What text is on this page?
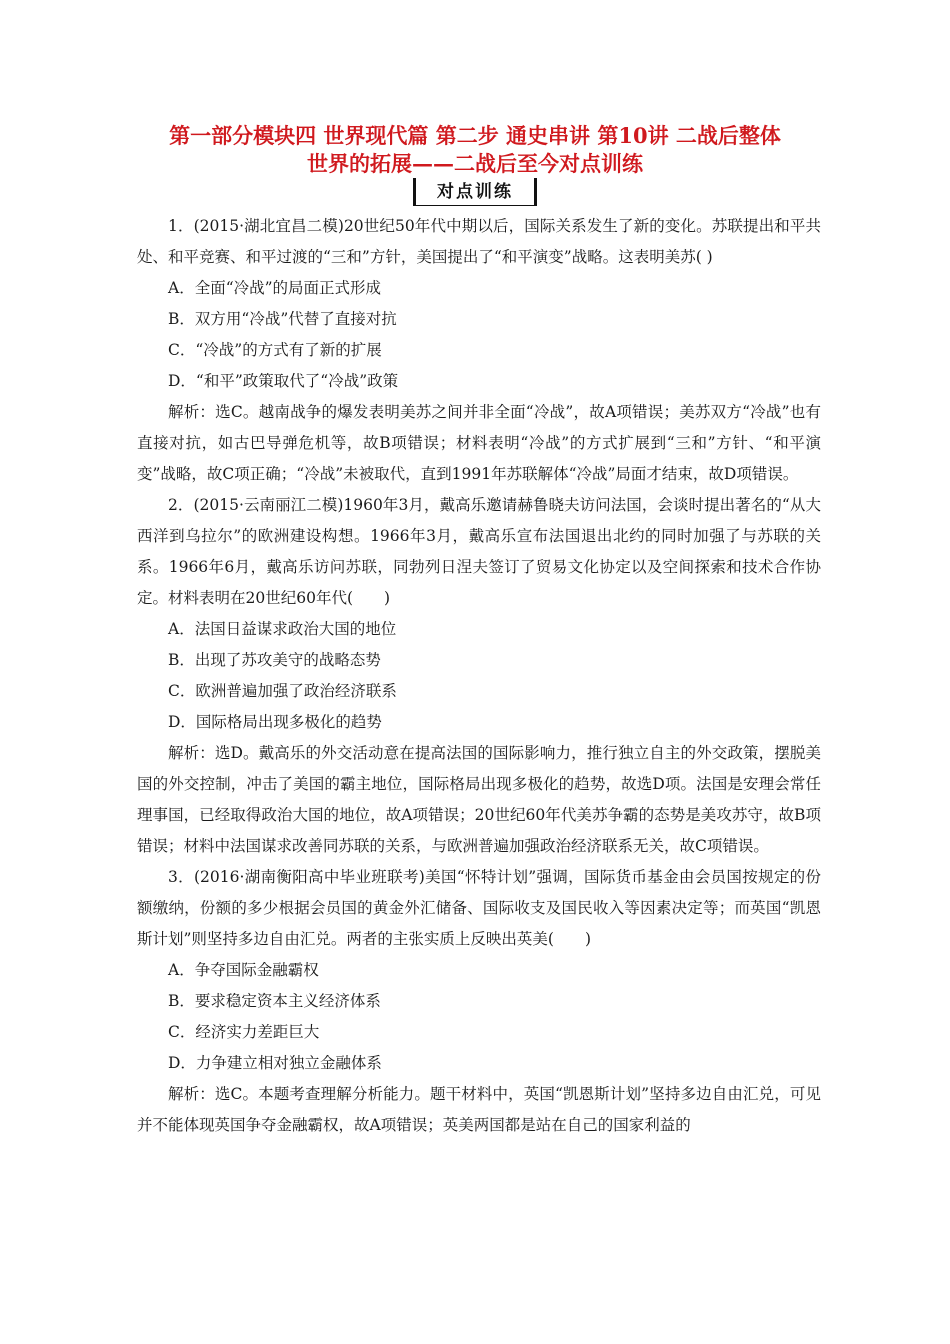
第一部分模块四 世界现代篇 第二步 通史串讲 第10讲 二战后整体
世界的拓展——二战后至今对点训练
对点训练

1．(2015·湖北宜昌二模)20世纪50年代中期以后，国际关系发生了新的变化。苏联提出和平共处、和平竞赛、和平过渡的“三和”方针，美国提出了“和平演变”战略。这表明美苏( )

A．全面“冷战”的局面正式形成

B．双方用“冷战”代替了直接对抗

C．“冷战”的方式有了新的扩展

D．“和平”政策取代了“冷战”政策

解析：选C。越南战争的爆发表明美苏之间并非全面“冷战”，故A项错误；美苏双方“冷战”也有直接对抗，如古巴导弹危机等，故B项错误；材料表明“冷战”的方式扩展到“三和”方针、“和平演变”战略，故C项正确；“冷战”未被取代，直到1991年苏联解体“冷战”局面才结束，故D项错误。

2．(2015·云南丽江二模)1960年3月，戴高乐邀请赫鲁晓夫访问法国，会谈时提出著名的“从大西洋到乌拉尔”的欧洲建设构想。1966年3月，戴高乐宣布法国退出北约的同时加强了与苏联的关系。1966年6月，戴高乐访问苏联，同勃列日涅夫签订了贸易文化协定以及空间探索和技术合作协定。材料表明在20世纪60年代(　　)

A．法国日益谋求政治大国的地位

B．出现了苏攻美守的战略态势

C．欧洲普遍加强了政治经济联系

D．国际格局出现多极化的趋势

解析：选D。戴高乐的外交活动意在提高法国的国际影响力，推行独立自主的外交政策，摆脱美国的外交控制，冲击了美国的霸主地位，国际格局出现多极化的趋势，故选D项。法国是安理会常任理事国，已经取得政治大国的地位，故A项错误；20世纪60年代美苏争霸的态势是美攻苏守，故B项错误；材料中法国谋求改善同苏联的关系，与欧洲普遍加强政治经济联系无关，故C项错误。

3．(2016·湖南衡阳高中毕业班联考)美国“怀特计划”强调，国际货币基金由会员国按规定的份额缴纳，份额的多少根据会员国的黄金外汇储备、国际收支及国民收入等因素决定等；而英国“凯恩斯计划”则坚持多边自由汇兑。两者的主张实质上反映出英美(　　)

A．争夺国际金融霸权

B．要求稳定资本主义经济体系

C．经济实力差距巨大

D．力争建立相对独立金融体系

解析：选C。本题考查理解分析能力。题干材料中，英国“凯恩斯计划”坚持多边自由汇兑，可见并不能体现英国争夺金融霸权，故A项错误；英美两国都是站在自己的国家利益的
